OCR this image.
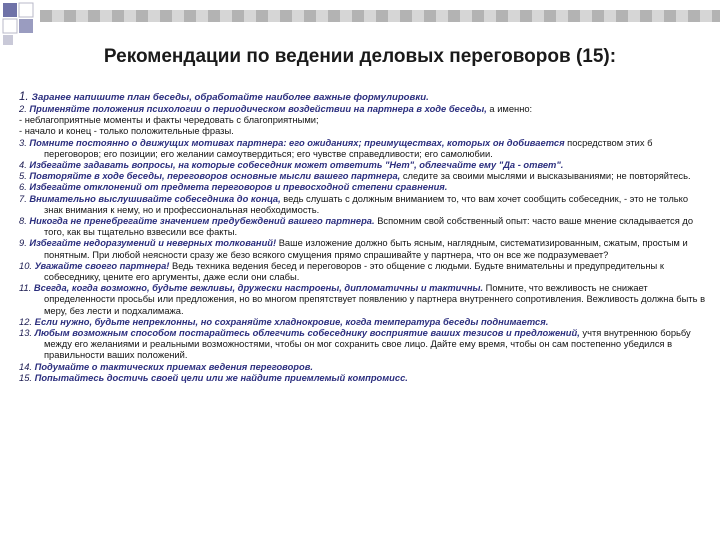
Рекомендации по ведении деловых переговоров (15):

1. Заранее напишите план беседы, обработайте наиболее важные формулировки.

2. Применяйте положения психологии о периодическом воздействии на партнера в ходе беседы, а именно:

- неблагоприятные моменты и факты чередовать с благоприятными;

- начало и конец - только положительные фразы.

3. Помните постоянно о движущих мотивах партнера: его ожиданиях; преимуществах, которых он добивается посредством этих б переговоров; его позиции; его желании самоутвердиться; его чувстве справедливости; его самолюбии.

4. Избегайте задавать вопросы, на которые собеседник может ответить "Нет", облегчайте ему "Да - ответ".

5. Повторяйте в ходе беседы, переговоров основные мысли вашего партнера, следите за своими мыслями и высказываниями; не повторяйтесь.

6. Избегайте отклонений от предмета переговоров и превосходной степени сравнения.

7. Внимательно выслушивайте собеседника до конца, ведь слушать с должным вниманием то, что вам хочет сообщить собеседник, - это не только знак внимания к нему, но и профессиональная необходимость.

8. Никогда не пренебрегайте значением предубеждений вашего партнера. Вспомним свой собственный опыт: часто ваше мнение складывается до того, как вы тщательно взвесили все факты.

9. Избегайте недоразумений и неверных толкований! Ваше изложение должно быть ясным, наглядным, систематизированным, сжатым, простым и понятным. При любой неясности сразу же безо всякого смущения прямо спрашивайте у партнера, что он все же подразумевает?

10. Уважайте своего партнера! Ведь техника ведения бесед и переговоров - это общение с людьми. Будьте внимательны и предупредительны к собеседнику, цените его аргументы, даже если они слабы.

11. Всегда, когда возможно, будьте вежливы, дружески настроены, дипломатичны и тактичны. Помните, что вежливость не снижает определенности просьбы или предложения, но во многом препятствует появлению у партнера внутреннего сопротивления. Вежливость должна быть в меру, без лести и подхалимажа.

12. Если нужно, будьте непреклонны, но сохраняйте хладнокровие, когда температура беседы поднимается.

13. Любым возможным способом постарайтесь облегчить собеседнику восприятие ваших тезисов и предложений, учтя внутреннюю борьбу между его желаниями и реальными возможностями, чтобы он мог сохранить свое лицо. Дайте ему время, чтобы он сам постепенно убедился в правильности ваших положений.

14. Подумайте о тактических приемах ведения переговоров.

15. Попытайтесь достичь своей цели или же найдите приемлемый компромисс.
